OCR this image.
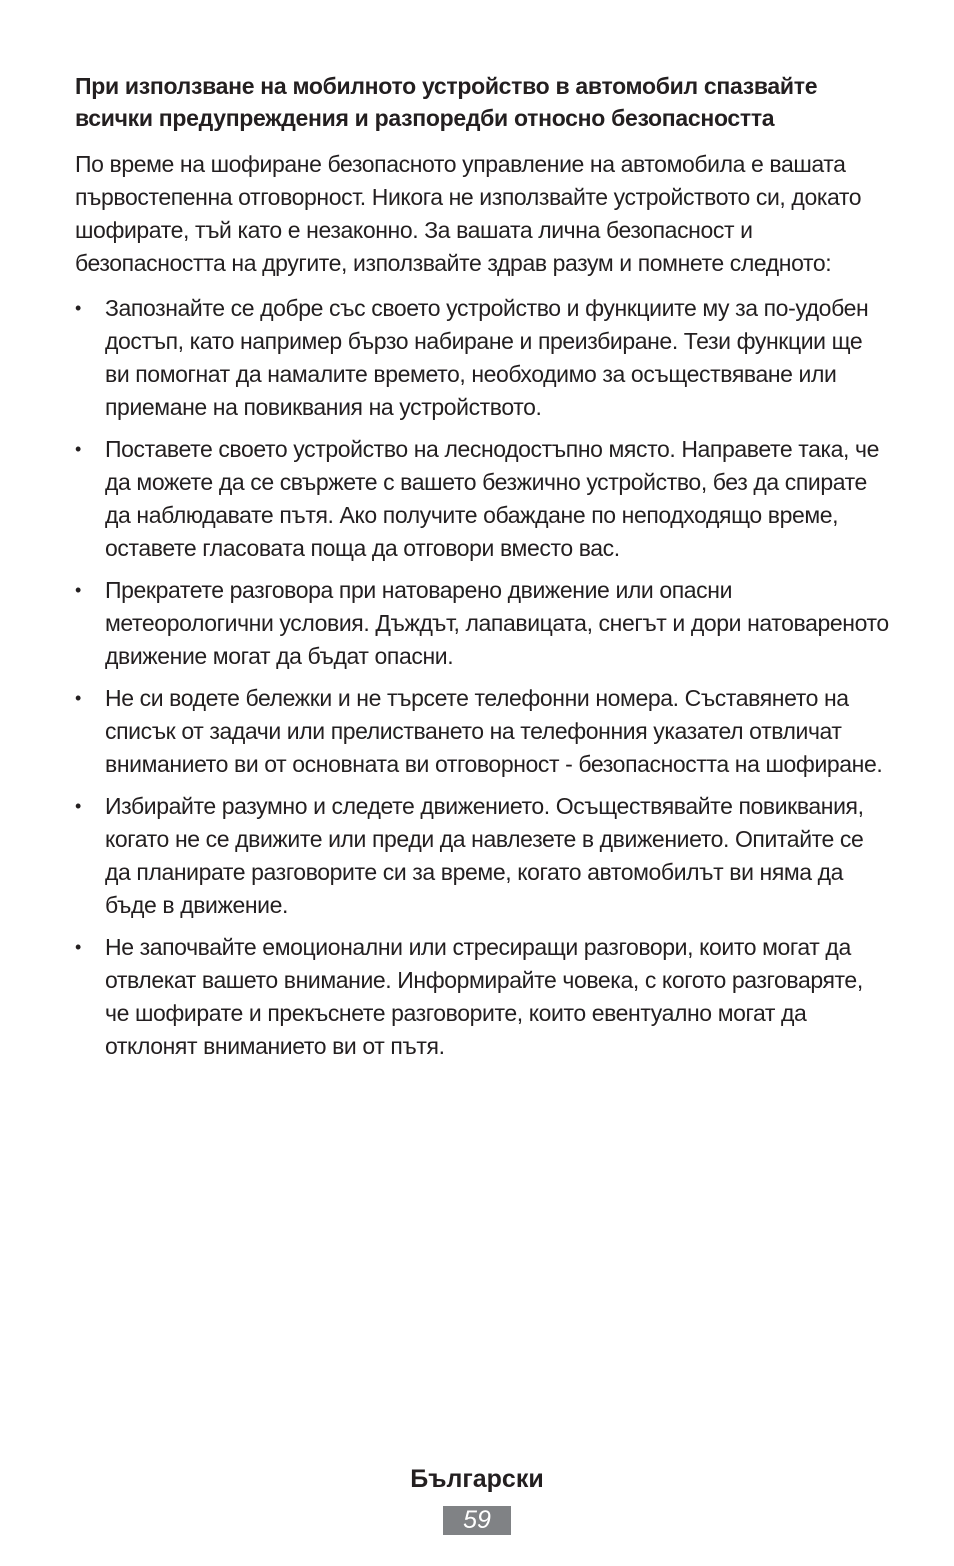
При използване на мобилното устройство в автомобил спазвайте всички предупреждения и разпоредби относно безопасността
По време на шофиране безопасното управление на автомобила е вашата първостепенна отговорност. Никога не използвайте устройството си, докато шофирате, тъй като е незаконно. За вашата лична безопасност и безопасността на другите, използвайте здрав разум и помнете следното:
• Запознайте се добре със своето устройство и функциите му за по-удобен достъп, като например бързо набиране и преизбиране. Тези функции ще ви помогнат да намалите времето, необходимо за осъществяване или приемане на повиквания на устройството.
• Поставете своето устройство на леснодостъпно място. Направете така, че да можете да се свържете с вашето безжично устройство, без да спирате да наблюдавате пътя. Ако получите обаждане по неподходящо време, оставете гласовата поща да отговори вместо вас.
• Прекратете разговора при натоварено движение или опасни метеорологични условия. Дъждът, лапавицата, снегът и дори натовареното движение могат да бъдат опасни.
• Не си водете бележки и не търсете телефонни номера. Съставянето на списък от задачи или прелистването на телефонния указател отвличат вниманието ви от основната ви отговорност - безопасността на шофиране.
• Избирайте разумно и следете движението. Осъществявайте повиквания, когато не се движите или преди да навлезете в движението. Опитайте се да планирате разговорите си за време, когато автомобилът ви няма да бъде в движение.
• Не започвайте емоционални или стресиращи разговори, които могат да отвлекат вашето внимание. Информирайте човека, с когото разговаряте, че шофирате и прекъснете разговорите, които евентуално могат да отклонят вниманието ви от пътя.
Български
59
